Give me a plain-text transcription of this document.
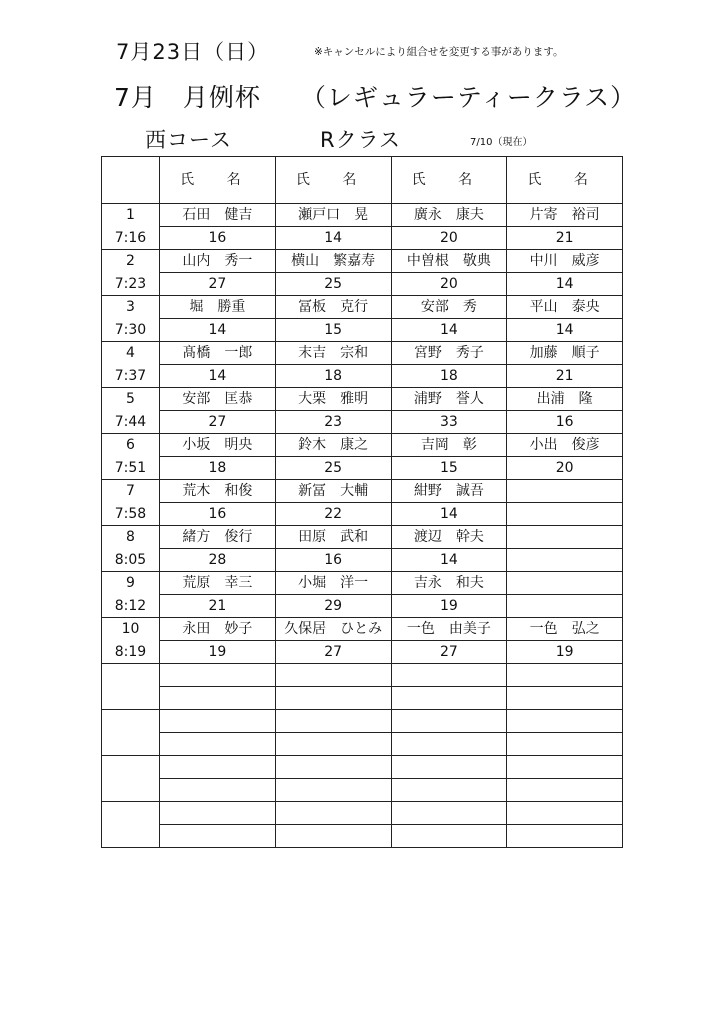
7月23日（日）	※キャンセルにより組合せを変更する事があります。
7月 月例杯 （レギュラーティークラス）
西コース	Rクラス	7/10（現在）
	氏 名	氏 名	氏 名	氏 名
1	石田　健吉	瀬戸口　晃	廣永　康夫	片寄　裕司
7:16	16	14	20	21
2	山内　秀一	横山　繁嘉寿	中曽根　敬典	中川　威彦
7:23	27	25	20	14
3	堀　勝重	冨板　克行	安部　秀	平山　泰央
7:30	14	15	14	14
4	髙橋　一郎	末吉　宗和	宮野　秀子	加藤　順子
7:37	14	18	18	21
5	安部　匡恭	大栗　雅明	浦野　誉人	出浦　隆
7:44	27	23	33	16
6	小坂　明央	鈴木　康之	吉岡　彰	小出　俊彦
7:51	18	25	15	20
7	荒木　和俊	新冨　大輔	紺野　誠吾	
7:58	16	22	14	
8	緒方　俊行	田原　武和	渡辺　幹夫	
8:05	28	16	14	
9	荒原　幸三	小堀　洋一	吉永　和夫	
8:12	21	29	19	
10	永田　妙子	久保居　ひとみ	一色　由美子	一色　弘之
8:19	19	27	27	19
